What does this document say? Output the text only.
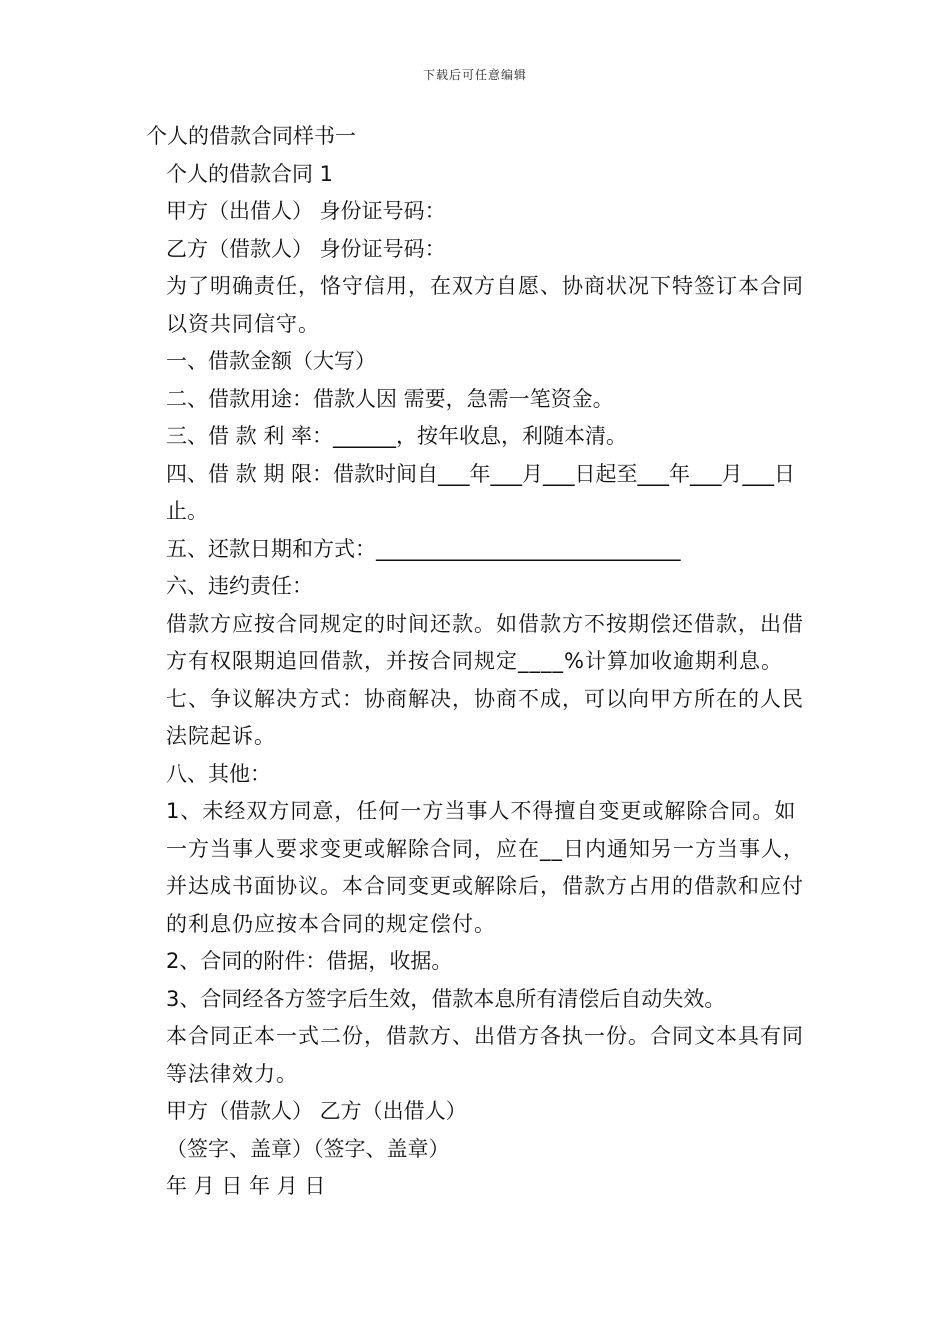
下载后可任意编辑

个人的借款合同样书一

个人的借款合同 1

甲方（出借人） 身份证号码：

乙方（借款人） 身份证号码：

为了明确责任，恪守信用，在双方自愿、协商状况下特签订本合同以资共同信守。

一、借款金额（大写）

二、借款用途：借款人因 需要，急需一笔资金。

三、借 款 利 率：______，按年收息，利随本清。

四、借 款 期 限：借款时间自___年___月___日起至___年___月___日止。

五、还款日期和方式：_____________________________

六、违约责任：

借款方应按合同规定的时间还款。如借款方不按期偿还借款，出借方有权限期追回借款，并按合同规定____%计算加收逾期利息。

七、争议解决方式：协商解决，协商不成，可以向甲方所在的人民法院起诉。

八、其他：

1、未经双方同意，任何一方当事人不得擅自变更或解除合同。如一方当事人要求变更或解除合同，应在__日内通知另一方当事人，并达成书面协议。本合同变更或解除后，借款方占用的借款和应付的利息仍应按本合同的规定偿付。

2、合同的附件：借据，收据。

3、合同经各方签字后生效，借款本息所有清偿后自动失效。

本合同正本一式二份，借款方、出借方各执一份。合同文本具有同等法律效力。

甲方（借款人） 乙方（出借人）

（签字、盖章）（签字、盖章）

年 月 日 年 月 日
